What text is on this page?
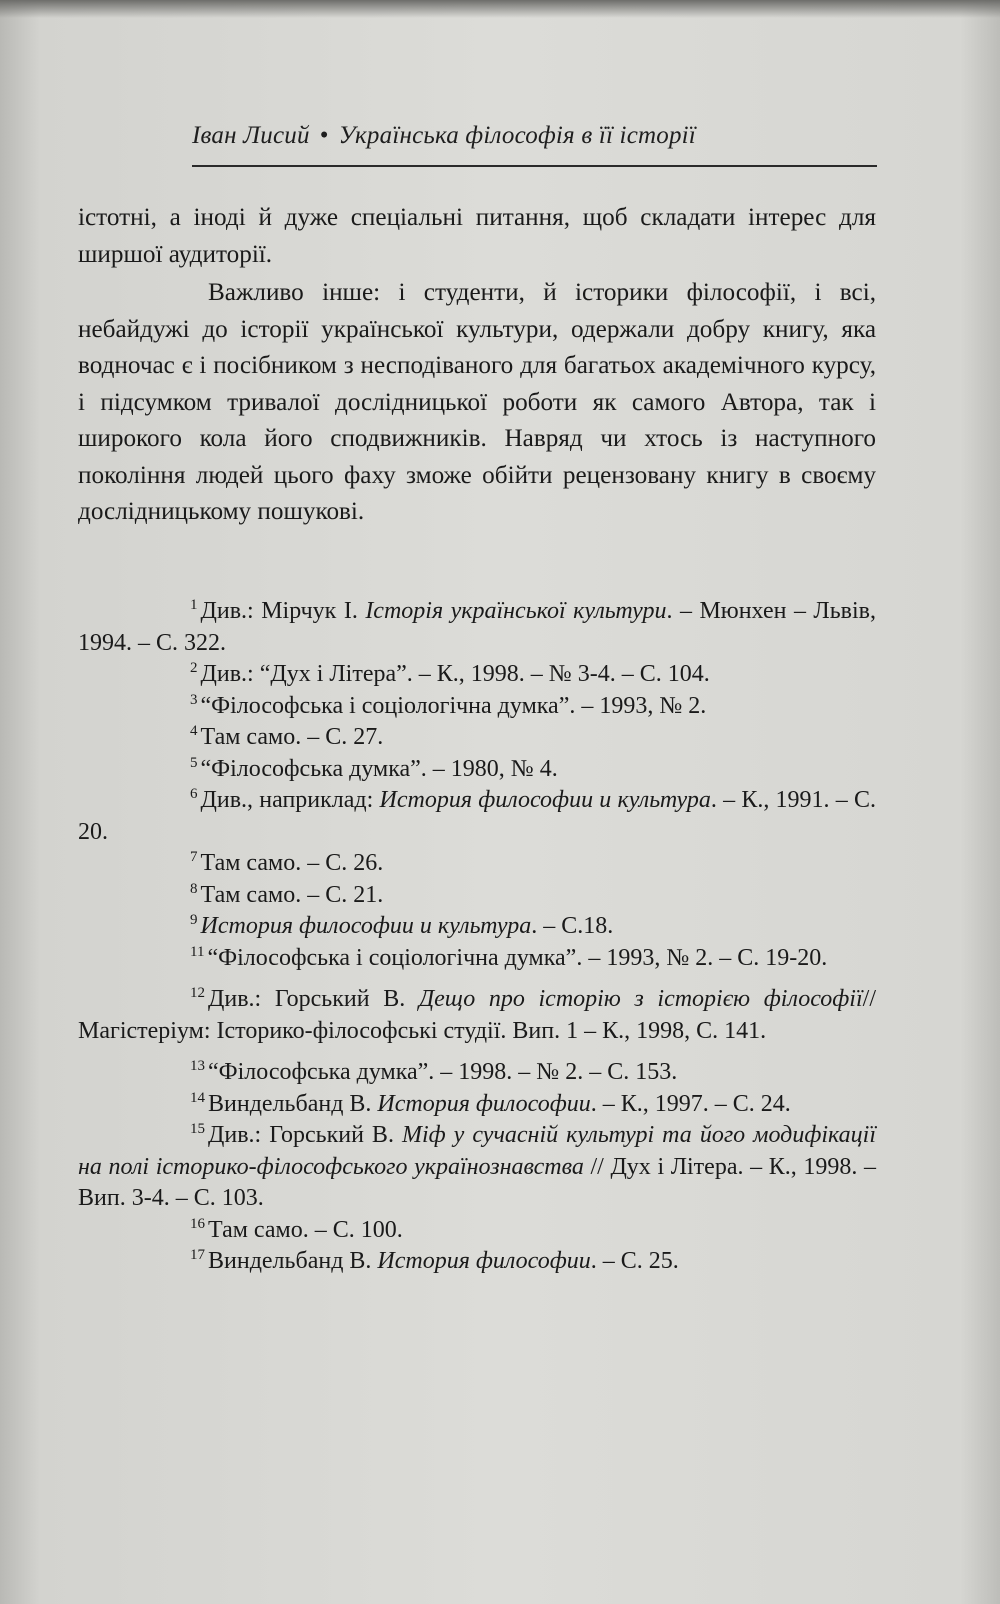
Іван Лисий • Українська філософія в її історії

істотні, а іноді й дуже спеціальні питання, щоб складати інтерес для ширшої аудиторії.

Важливо інше: і студенти, й історики філософії, і всі, небайдужі до історії української культури, одержали добру книгу, яка водночас є і посібником з несподіваного для багатьох академічного курсу, і підсумком тривалої дослідницької роботи як самого Автора, так і широкого кола його сподвижників. Навряд чи хтось із наступного покоління людей цього фаху зможе обійти рецензовану книгу в своєму дослідницькому пошукові.

$^1$ Див.: Мірчук І. Історія української культури. – Мюнхен – Львів, 1994. – С. 322.

$^2$ Див.: “Дух і Літера”. – К., 1998. – № 3-4. – С. 104.

$^3$ “Філософська і соціологічна думка”. – 1993, № 2.

$^4$ Там само. – С. 27.

$^5$ “Філософська думка”. – 1980, № 4.

$^6$ Див., наприклад: История философии и культура. – К., 1991. – С. 20.

$^7$ Там само. – С. 26.

$^8$ Там само. – С. 21.

$^9$ История философии и культура. – С.18.

$^{11}$ “Філософська і соціологічна думка”. – 1993, № 2. – С. 19-20.

$^{12}$ Див.: Горський В. Дещо про історію з історією філософії// Магістеріум: Історико-філософські студії. Вип. 1 – К., 1998, С. 141.

$^{13}$ “Філософська думка”. – 1998. – № 2. – С. 153.

$^{14}$ Виндельбанд В. История философии. – К., 1997. – С. 24.

$^{15}$ Див.: Горський В. Міф у сучасній культурі та його модифікації на полі історико-філософського українознавства // Дух і Літера. – К., 1998. – Вип. 3-4. – С. 103.

$^{16}$ Там само. – С. 100.

$^{17}$ Виндельбанд В. История философии. – С. 25.
